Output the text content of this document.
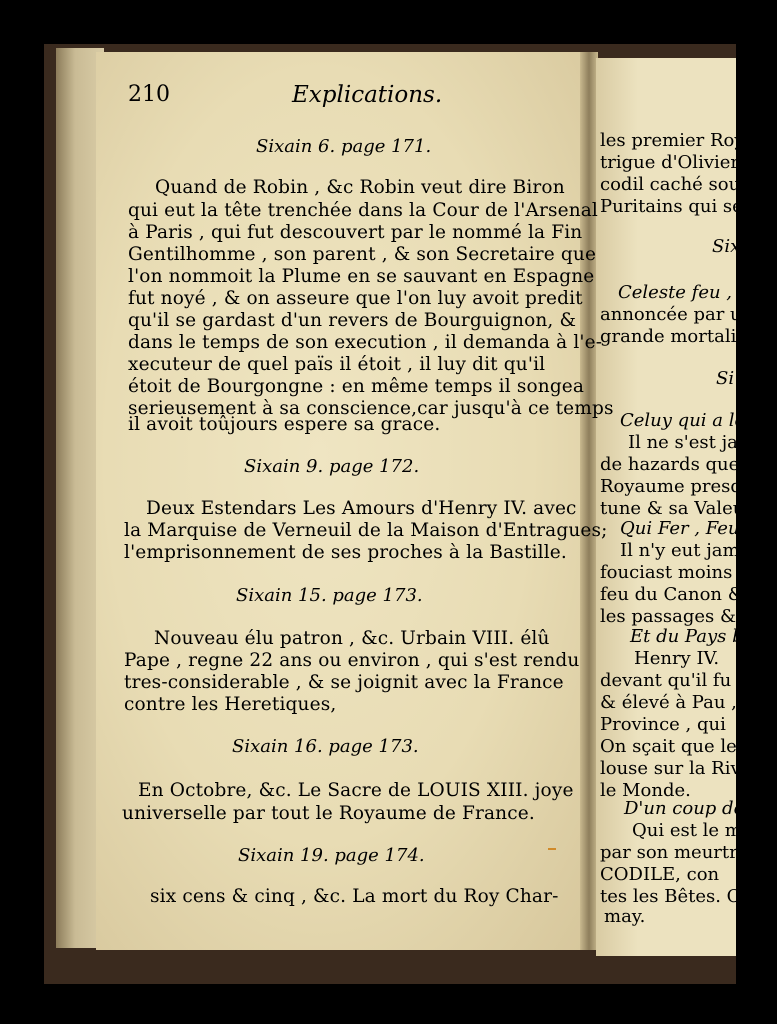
210	Explications.
Sixain 6. page 171.
Quand de Robin , &c Robin veut dire Biron
qui eut la tête trenchée dans la Cour de l'Arsenal
à Paris , qui fut descouvert par le nommé la Fin
Gentilhomme , son parent , & son Secretaire que
l'on nommoit la Plume en se sauvant en Espagne
fut noyé , & on asseure que l'on luy avoit predit
qu'il se gardast d'un revers de Bourguignon, &
dans le temps de son execution , il demanda à l'e-
xecuteur de quel païs il étoit , il luy dit qu'il
étoit de Bourgongne : en même temps il songea
serieusement à sa conscience,car jusqu'à ce temps
il avoit toûjours espere sa grace.
Sixain 9. page 172.
Deux Estendars Les Amours d'Henry IV. avec
la Marquise de Verneuil de la Maison d'Entragues;
l'emprisonnement de ses proches à la Bastille.
Sixain 15. page 173.
Nouveau élu patron , &c. Urbain VIII. élû
Pape , regne 22 ans ou environ , qui s'est rendu
tres-considerable , & se joignit avec la France
contre les Heretiques,
Sixain 16. page 173.
En Octobre, &c. Le Sacre de LOUIS XIII. joye
universelle par tout le Royaume de France.
Sixain 19. page 174.
six cens & cinq , &c. La mort du Roy Char-
les premier Roy
trigue d'Olivier
codil caché sous
Puritains qui ser
Six
Celeste feu , &
annoncée par u
grande mortali
Si
Celuy qui a le
Il ne s'est jam
de hazards que
Royaume presq
tune & sa Valeu
Qui Fer , Feu
Il n'y eut jam
fouciast moins c
feu du Canon &
les passages &
Et du Pays b
Henry IV.
devant qu'il fu
& élevé à Pau ,
Province , qui
On sçait que le
louse sur la Riv
le Monde.
D'un coup de
Qui est le m
par son meurtri
CODILE, con
tes les Bêtes. C
may.
